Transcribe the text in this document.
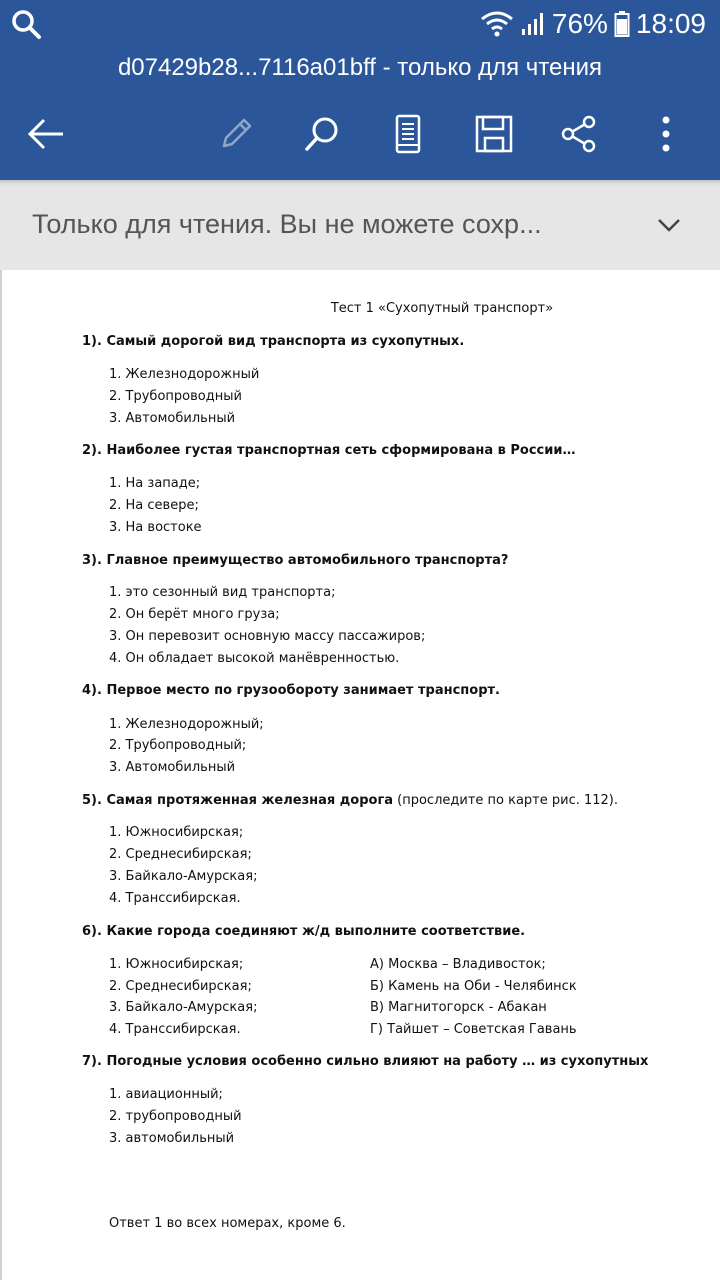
76% 18:09
d07429b28...7116a01bff - только для чтения
Только для чтения. Вы не можете сохр...
Тест 1 «Сухопутный транспорт»
1). Самый дорогой вид транспорта из сухопутных.
1. Железнодорожный
2. Трубопроводный
3. Автомобильный
2). Наиболее густая транспортная сеть сформирована в России…
1. На западе;
2. На севере;
3. На востоке
3). Главное преимущество автомобильного транспорта?
1. это сезонный вид транспорта;
2. Он берёт много груза;
3. Он перевозит основную массу пассажиров;
4. Он обладает высокой манёвренностью.
4). Первое место по грузообороту занимает транспорт.
1. Железнодорожный;
2. Трубопроводный;
3. Автомобильный
5). Самая протяженная железная дорога (проследите по карте рис. 112).
1. Южносибирская;
2. Среднесибирская;
3. Байкало-Амурская;
4. Транссибирская.
6). Какие города соединяют ж/д выполните соответствие.
1. Южносибирская;
2. Среднесибирская;
3. Байкало-Амурская;
4. Транссибирская.
А) Москва – Владивосток;
Б) Камень на Оби - Челябинск
В) Магнитогорск - Абакан
Г) Тайшет – Советская Гавань
7). Погодные условия особенно сильно влияют на работу … из сухопутных
1. авиационный;
2. трубопроводный
3. автомобильный
Ответ 1 во всех номерах, кроме 6.
